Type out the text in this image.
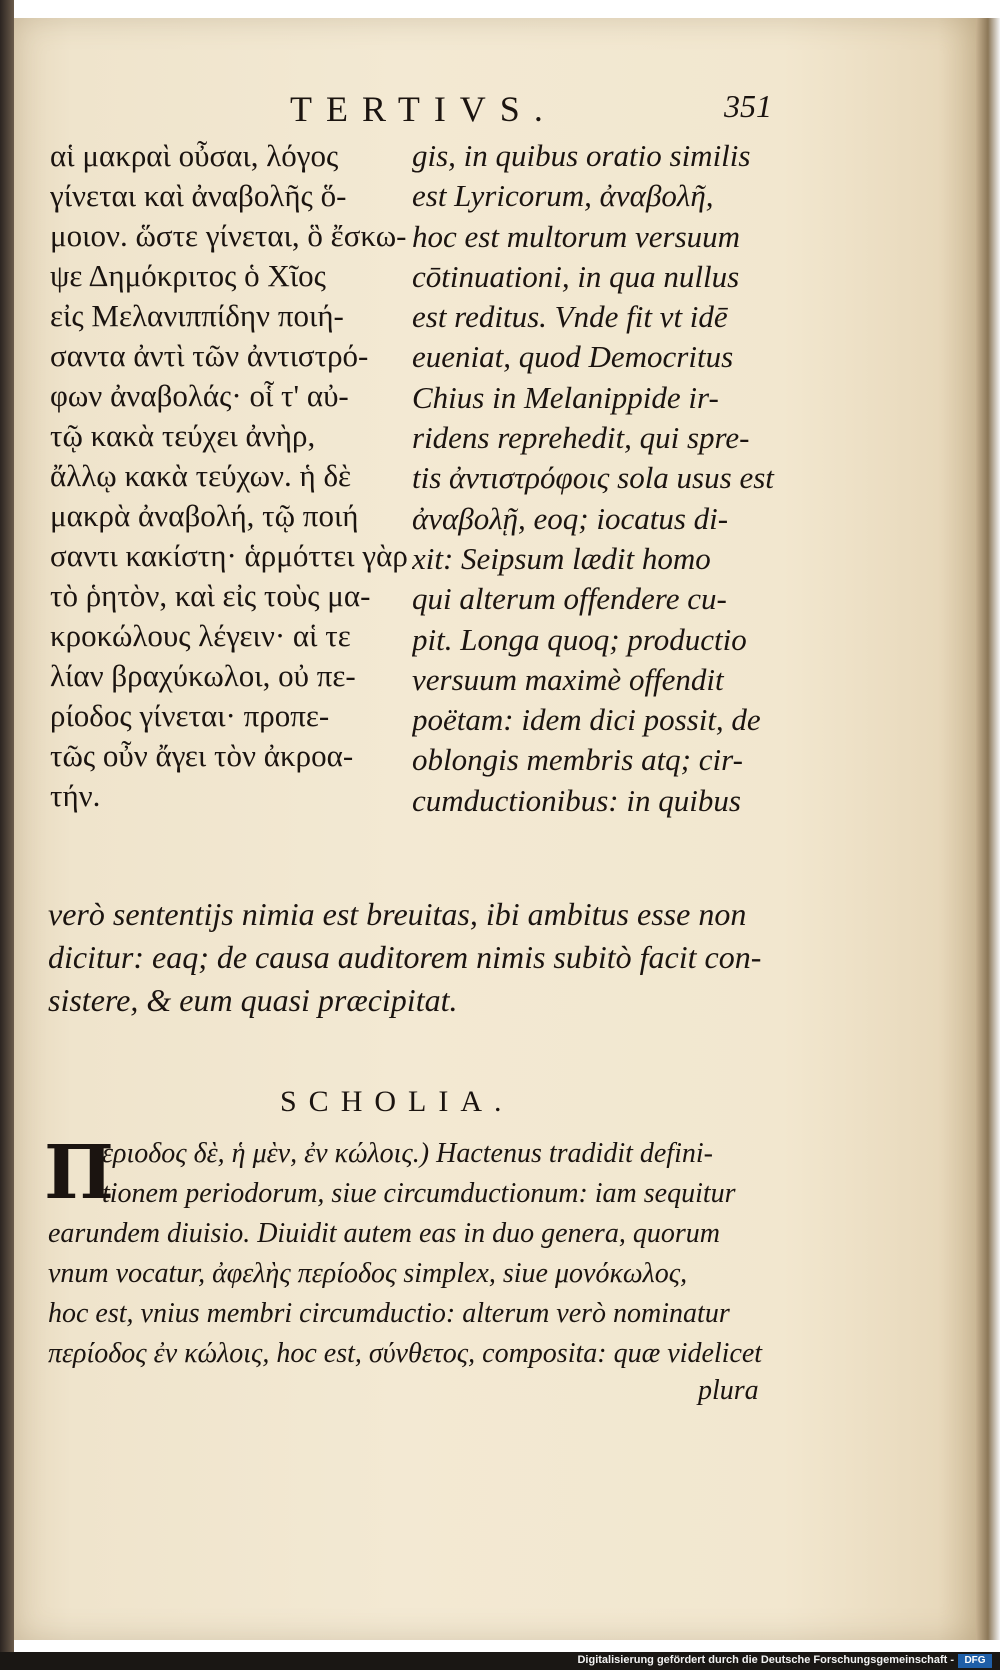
TERTIVS.	351
αἱ μακραὶ οὖσαι, λόγος
γίνεται καὶ ἀναβολῆς ὅ-
μοιον. ὥστε γίνεται, ὃ ἔσκω-
ψε Δημόκριτος ὁ Χῖος
εἰς Μελανιππίδην ποιή-
σαντα ἀντὶ τῶν ἀντιστρό-
φων ἀναβολάς· οἷ τ' αὐ-
τῷ κακὰ τεύχει ἀνὴρ,
ἄλλῳ κακὰ τεύχων. ἡ δὲ
μακρὰ ἀναβολή, τῷ ποιή
σαντι κακίστη· ἁρμόττει γὰρ
τὸ ῥητὸν, καὶ εἰς τοὺς μα-
κροκώλους λέγειν· αἱ τε
λίαν βραχύκωλοι, οὐ πε-
ρίοδος γίνεται· προπε-
τῶς οὖν ἄγει τὸν ἀκροα-
τήν.
gis, in quibus oratio similis
est Lyricorum, ἀναβολῆ,
hoc est multorum versuum
cōtinuationi, in qua nullus
est reditus. Vnde fit vt idē
eueniat, quod Democritus
Chius in Melanippide ir-
ridens reprehedit, qui spre-
tis ἀντιστρόφοις sola usus est
ἀναβολῇ, eoq; iocatus di-
xit: Seipsum lædit homo
qui alterum offendere cu-
pit. Longa quoq; productio
versuum maximè offendit
poëtam: idem dici possit, de
oblongis membris atq; cir-
cumductionibus: in quibus
verò sententijs nimia est breuitas, ibi ambitus esse non
dicitur: eaq; de causa auditorem nimis subitò facit con-
sistere, & eum quasi præcipitat.
SCHOLIA.
Π
εριοδος δὲ, ἡ μὲν, ἐν κώλοις.) Hactenus tradidit defini-
tionem periodorum, siue circumductionum: iam sequitur
earundem diuisio. Diuidit autem eas in duo genera, quorum
vnum vocatur, ἀφελὴς περίοδος simplex, siue μονόκωλος,
hoc est, vnius membri circumductio: alterum verò nominatur
περίοδος ἐν κώλοις, hoc est, σύνθετος, composita: quæ videlicet
plura
Digitalisierung gefördert durch die Deutsche Forschungsgemeinschaft -	DFG
